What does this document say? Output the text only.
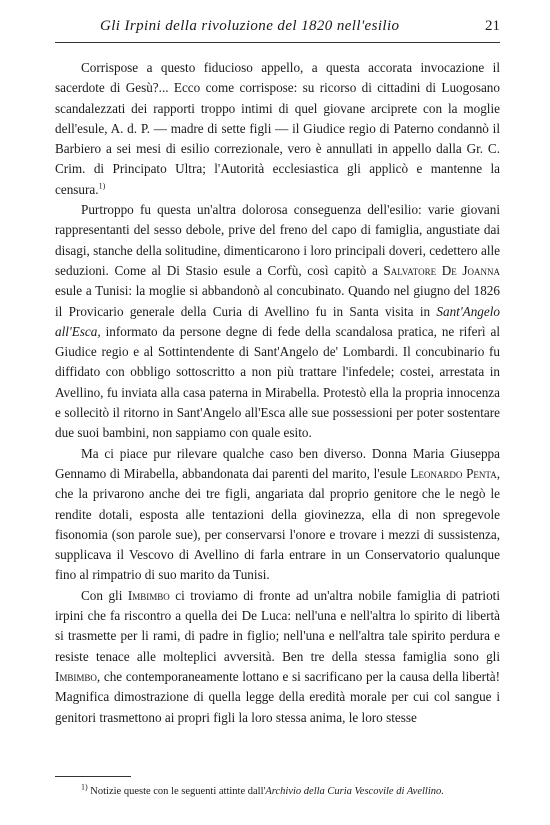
Gli Irpini della rivoluzione del 1820 nell'esilio	21

Corrispose a questo fiducioso appello, a questa accorata invocazione il sacerdote di Gesù?... Ecco come corrispose: su ricorso di cittadini di Luogosano scandalezzati dei rapporti troppo intimi di quel giovane arciprete con la moglie dell'esule, A. d. P. — madre di sette figli — il Giudice regio di Paterno condannò il Barbiero a sei mesi di esilio correzionale, vero è annullati in appello dalla Gr. C. Crim. di Principato Ultra; l'Autorità ecclesiastica gli applicò e mantenne la censura.$^{1)}$

Purtroppo fu questa un'altra dolorosa conseguenza dell'esilio: varie giovani rappresentanti del sesso debole, prive del freno del capo di famiglia, angustiate dai disagi, stanche della solitudine, dimenticarono i loro principali doveri, cedettero alle seduzioni. Come al Di Stasio esule a Corfù, così capitò a Salvatore De Joanna esule a Tunisi: la moglie si abbandonò al concubinato. Quando nel giugno del 1826 il Provicario generale della Curia di Avellino fu in Santa visita in Sant'Angelo all'Esca, informato da persone degne di fede della scandalosa pratica, ne riferì al Giudice regio e al Sottintendente di Sant'Angelo de' Lombardi. Il concubinario fu diffidato con obbligo sottoscritto a non più trattare l'infedele; costei, arrestata in Avellino, fu inviata alla casa paterna in Mirabella. Protestò ella la propria innocenza e sollecitò il ritorno in Sant'Angelo all'Esca alle sue possessioni per poter sostentare due suoi bambini, non sappiamo con quale esito.

Ma ci piace pur rilevare qualche caso ben diverso. Donna Maria Giuseppa Gennamo di Mirabella, abbandonata dai parenti del marito, l'esule Leonardo Penta, che la privarono anche dei tre figli, angariata dal proprio genitore che le negò le rendite dotali, esposta alle tentazioni della giovinezza, ella di non spregevole fisonomia (son parole sue), per conservarsi l'onore e trovare i mezzi di sussistenza, supplicava il Vescovo di Avellino di farla entrare in un Conservatorio qualunque fino al rimpatrio di suo marito da Tunisi.

Con gli Imbimbo ci troviamo di fronte ad un'altra nobile famiglia di patrioti irpini che fa riscontro a quella dei De Luca: nell'una e nell'altra lo spirito di libertà si trasmette per li rami, di padre in figlio; nell'una e nell'altra tale spirito perdura e resiste tenace alle molteplici avversità. Ben tre della stessa famiglia sono gli Imbimbo, che contemporaneamente lottano e si sacrificano per la causa della libertà! Magnifica dimostrazione di quella legge della eredità morale per cui col sangue i genitori trasmettono ai propri figli la loro stessa anima, le loro stesse

$^{1)}$ Notizie queste con le seguenti attinte dall'Archivio della Curia Vescovile di Avellino.
